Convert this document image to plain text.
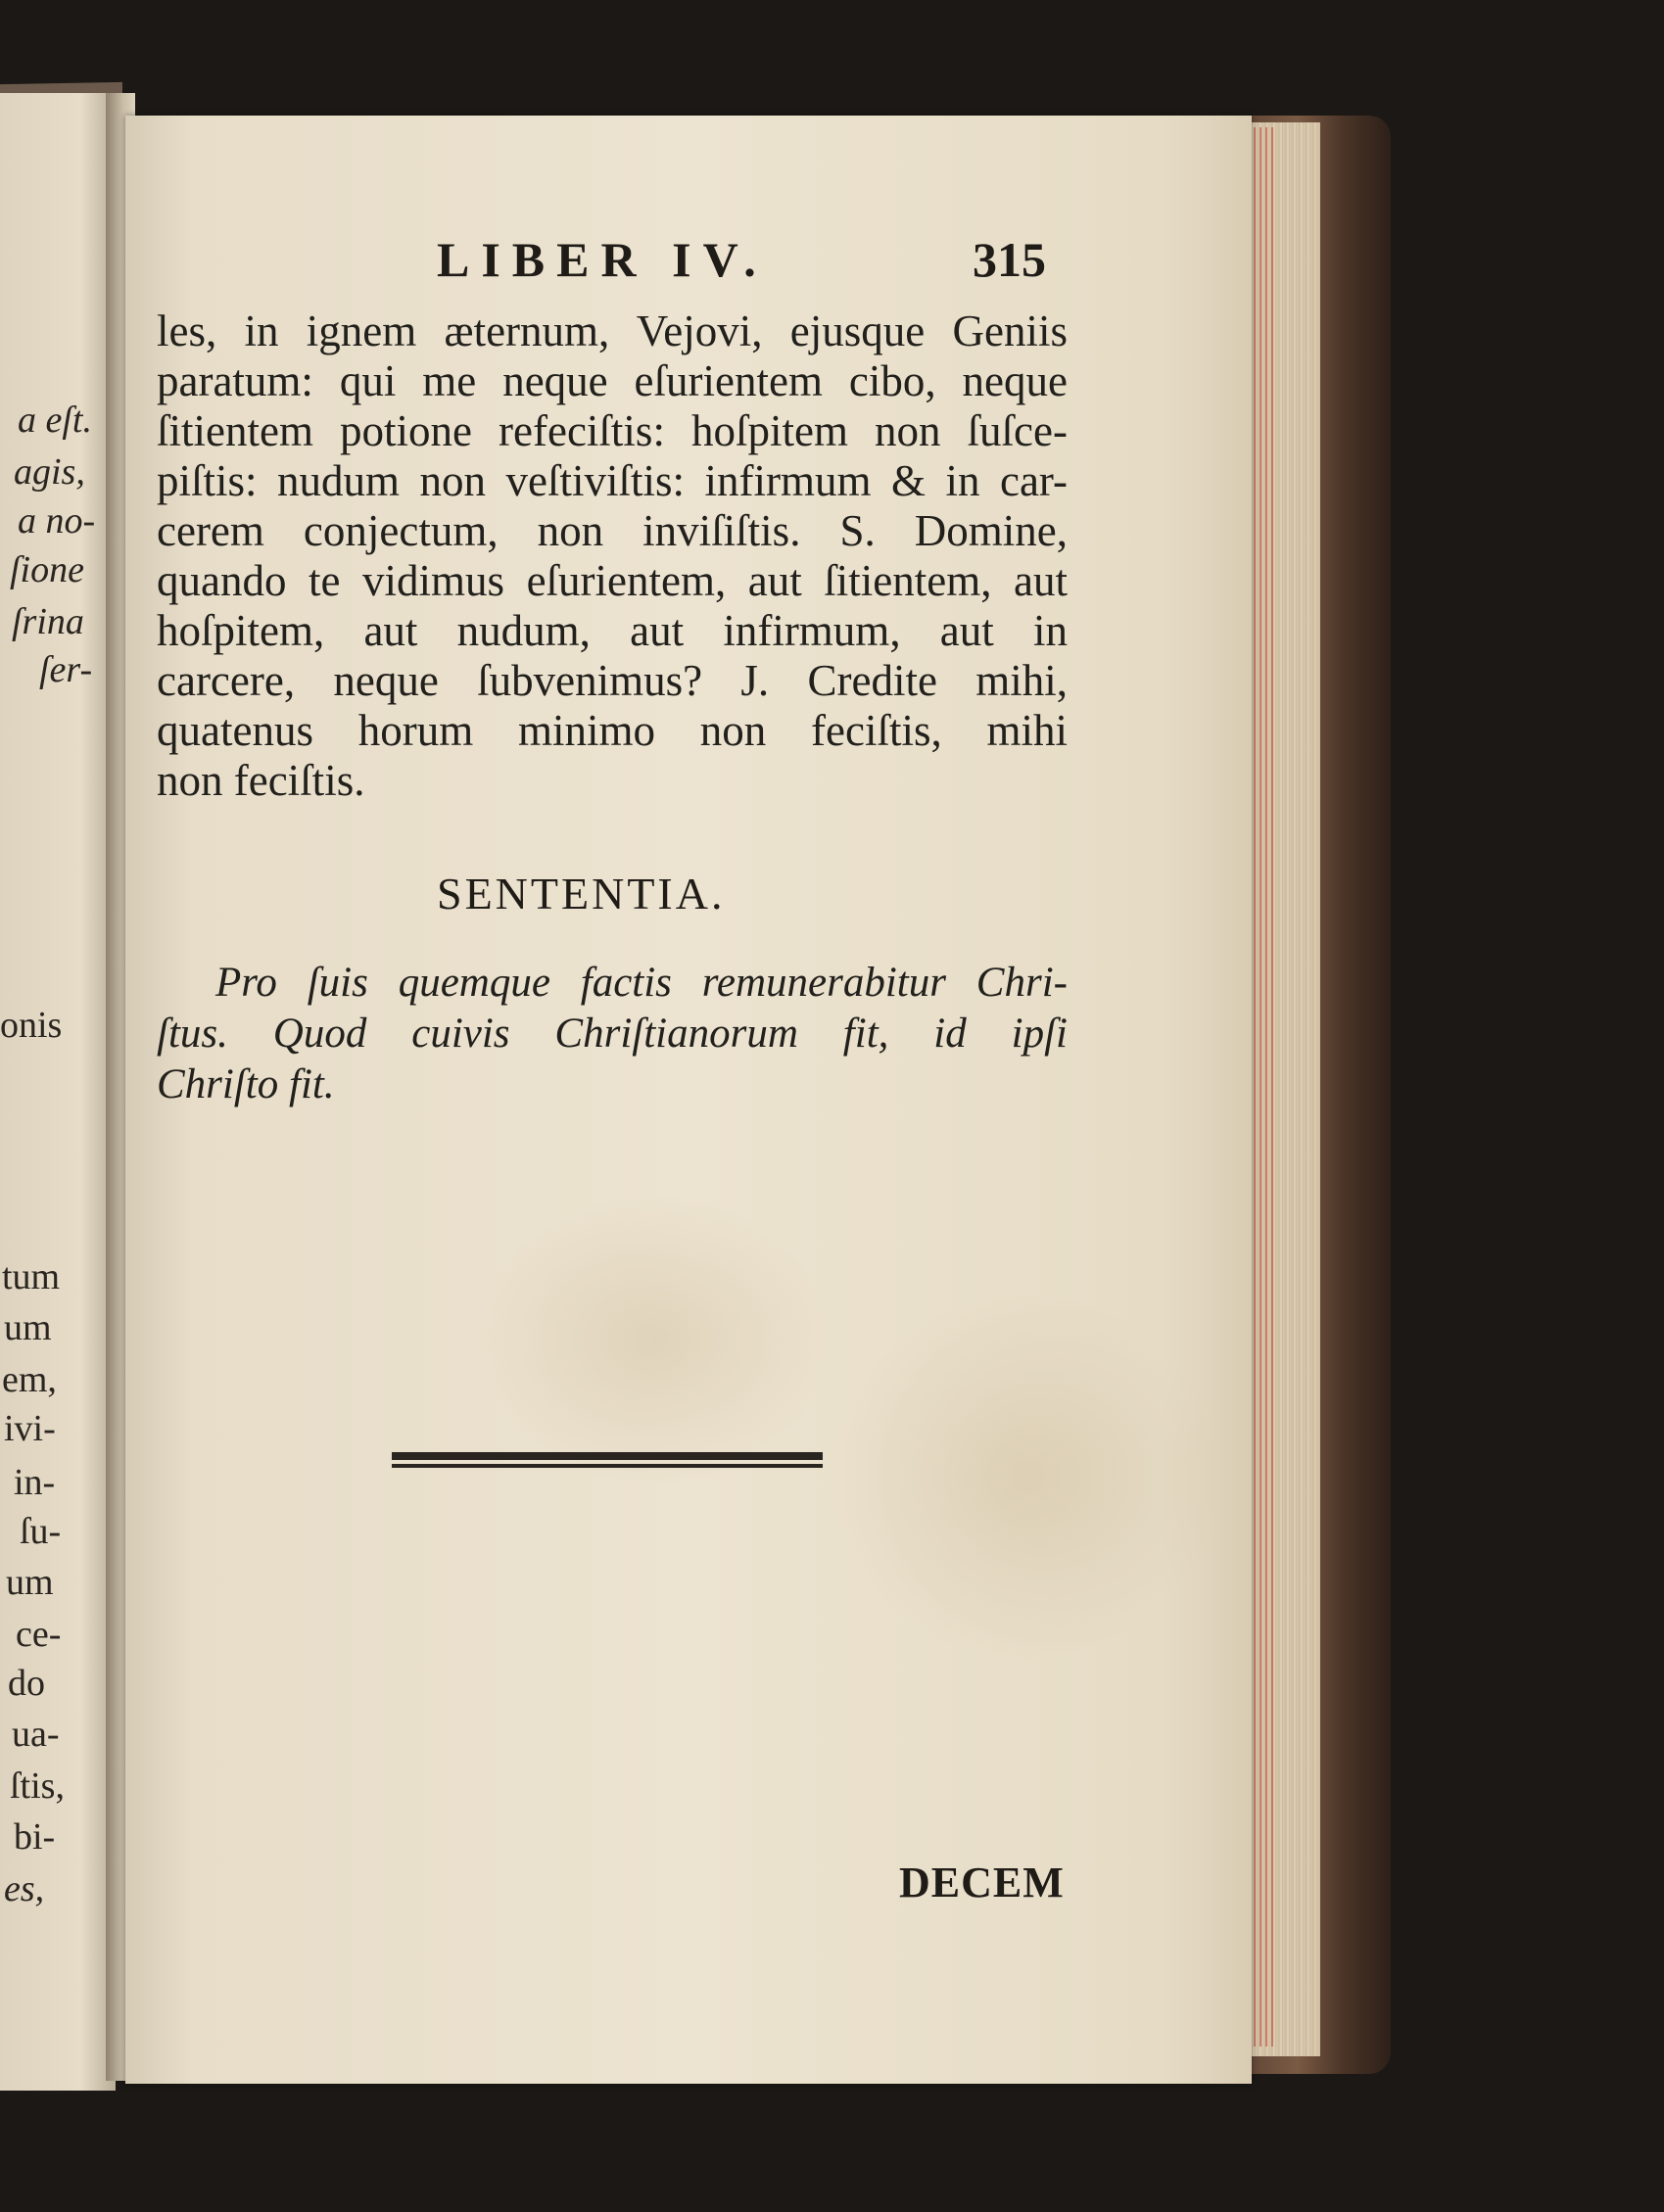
a eſt.
agis,
a no-
ſione
ſrina
ſer-
onis
tum
um
em,
ivi-
in-
ſu-
um
ce-
do
ua-
ſtis,
bi-
es,
LIBER IV.	315
les, in ignem æternum, Vejovi, ejusque Geniis
paratum: qui me neque eſurientem cibo, neque
ſitientem potione refeciſtis: hoſpitem non ſuſce-
piſtis: nudum non veſtiviſtis: infirmum & in car-
cerem conjectum, non inviſiſtis. S. Domine,
quando te vidimus eſurientem, aut ſitientem, aut
hoſpitem, aut nudum, aut infirmum, aut in
carcere, neque ſubvenimus? J. Credite mihi,
quatenus horum minimo non feciſtis, mihi
non feciſtis.
SENTENTIA.
Pro ſuis quemque factis remunerabitur Chri-
ſtus. Quod cuivis Chriſtianorum fit, id ipſi
Chriſto fit.
DECEM
